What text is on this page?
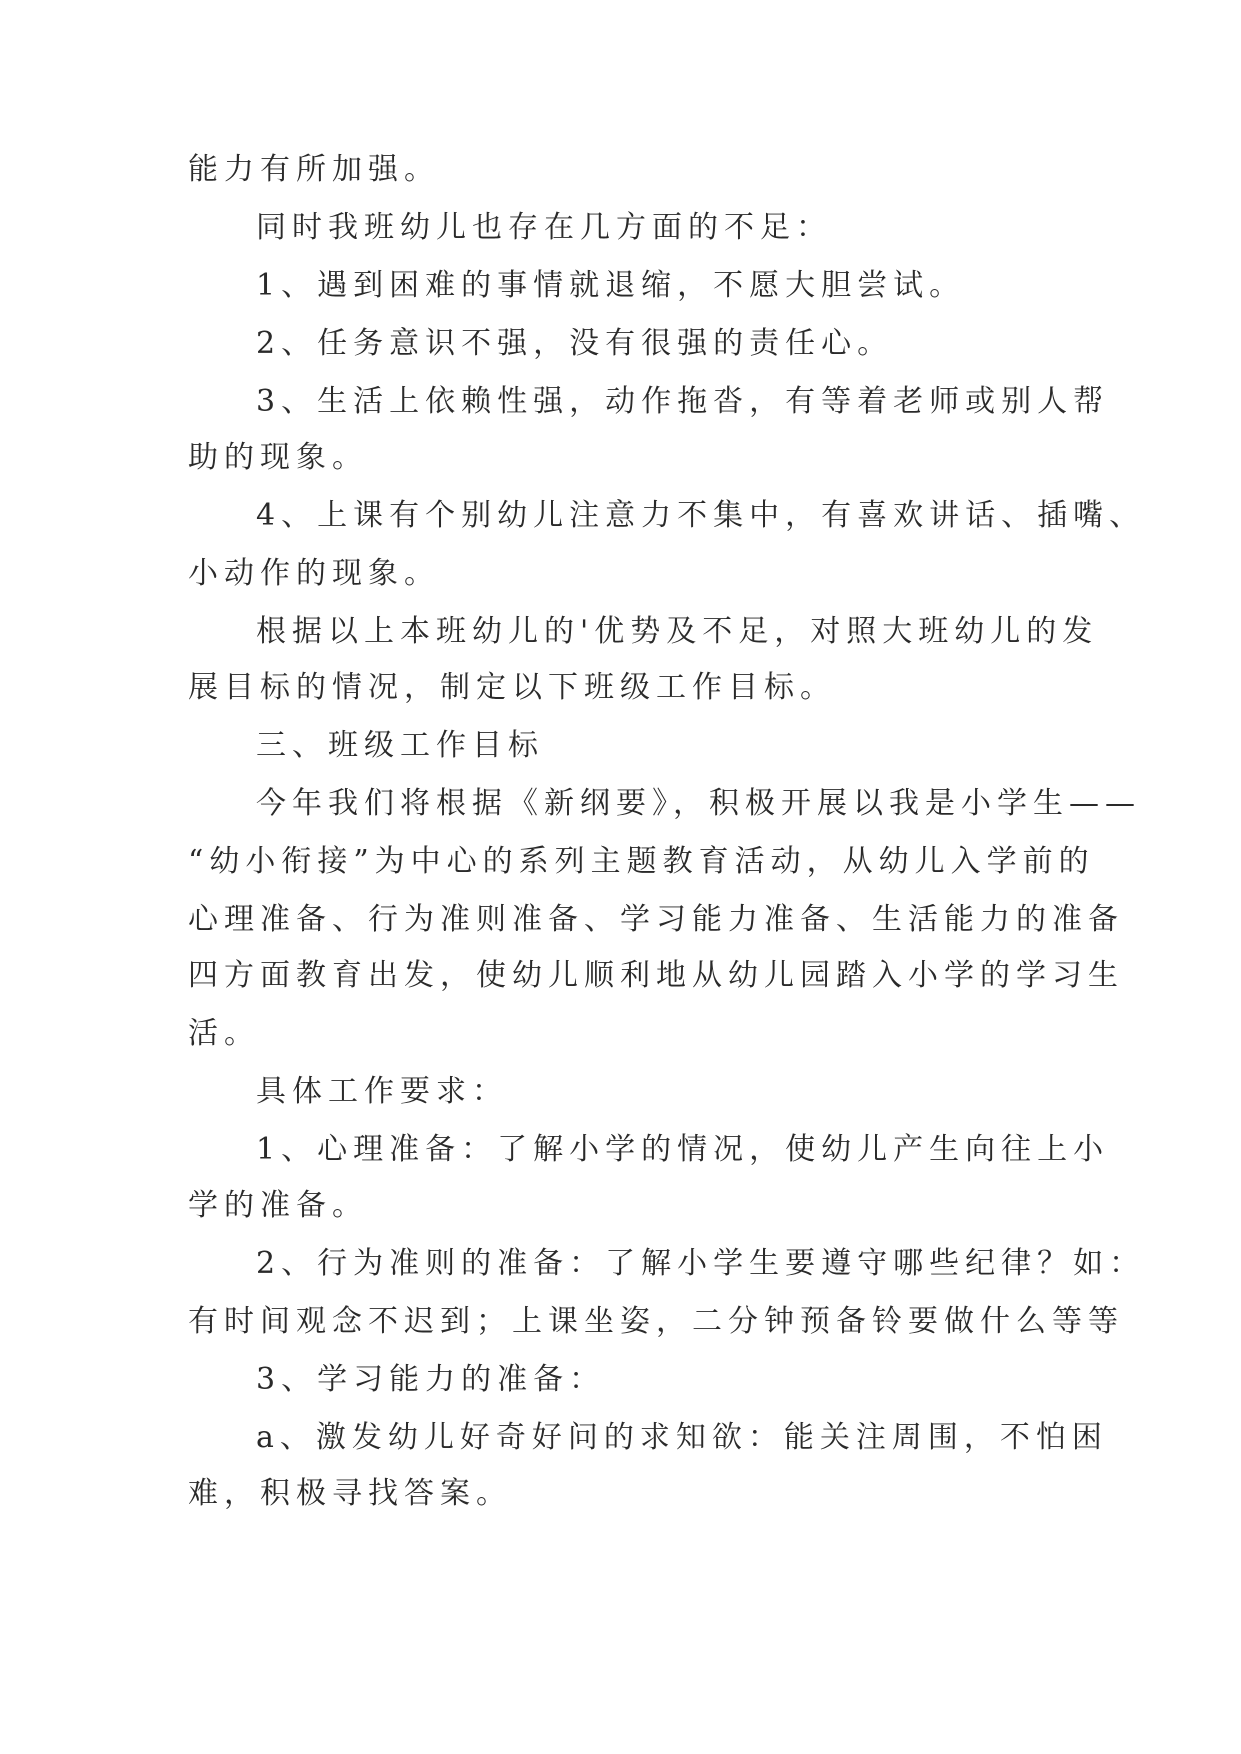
能力有所加强。
同时我班幼儿也存在几方面的不足：
1、遇到困难的事情就退缩，不愿大胆尝试。
2、任务意识不强，没有很强的责任心。
3、生活上依赖性强，动作拖沓，有等着老师或别人帮
助的现象。
4、上课有个别幼儿注意力不集中，有喜欢讲话、插嘴、
小动作的现象。
根据以上本班幼儿的'优势及不足，对照大班幼儿的发
展目标的情况，制定以下班级工作目标。
三、班级工作目标
今年我们将根据《新纲要》，积极开展以我是小学生——
“幼小衔接”为中心的系列主题教育活动，从幼儿入学前的
心理准备、行为准则准备、学习能力准备、生活能力的准备
四方面教育出发，使幼儿顺利地从幼儿园踏入小学的学习生
活。
具体工作要求：
1、心理准备：了解小学的情况，使幼儿产生向往上小
学的准备。
2、行为准则的准备：了解小学生要遵守哪些纪律？如：
有时间观念不迟到；上课坐姿，二分钟预备铃要做什么等等
3、学习能力的准备：
a、激发幼儿好奇好问的求知欲：能关注周围，不怕困
难，积极寻找答案。
